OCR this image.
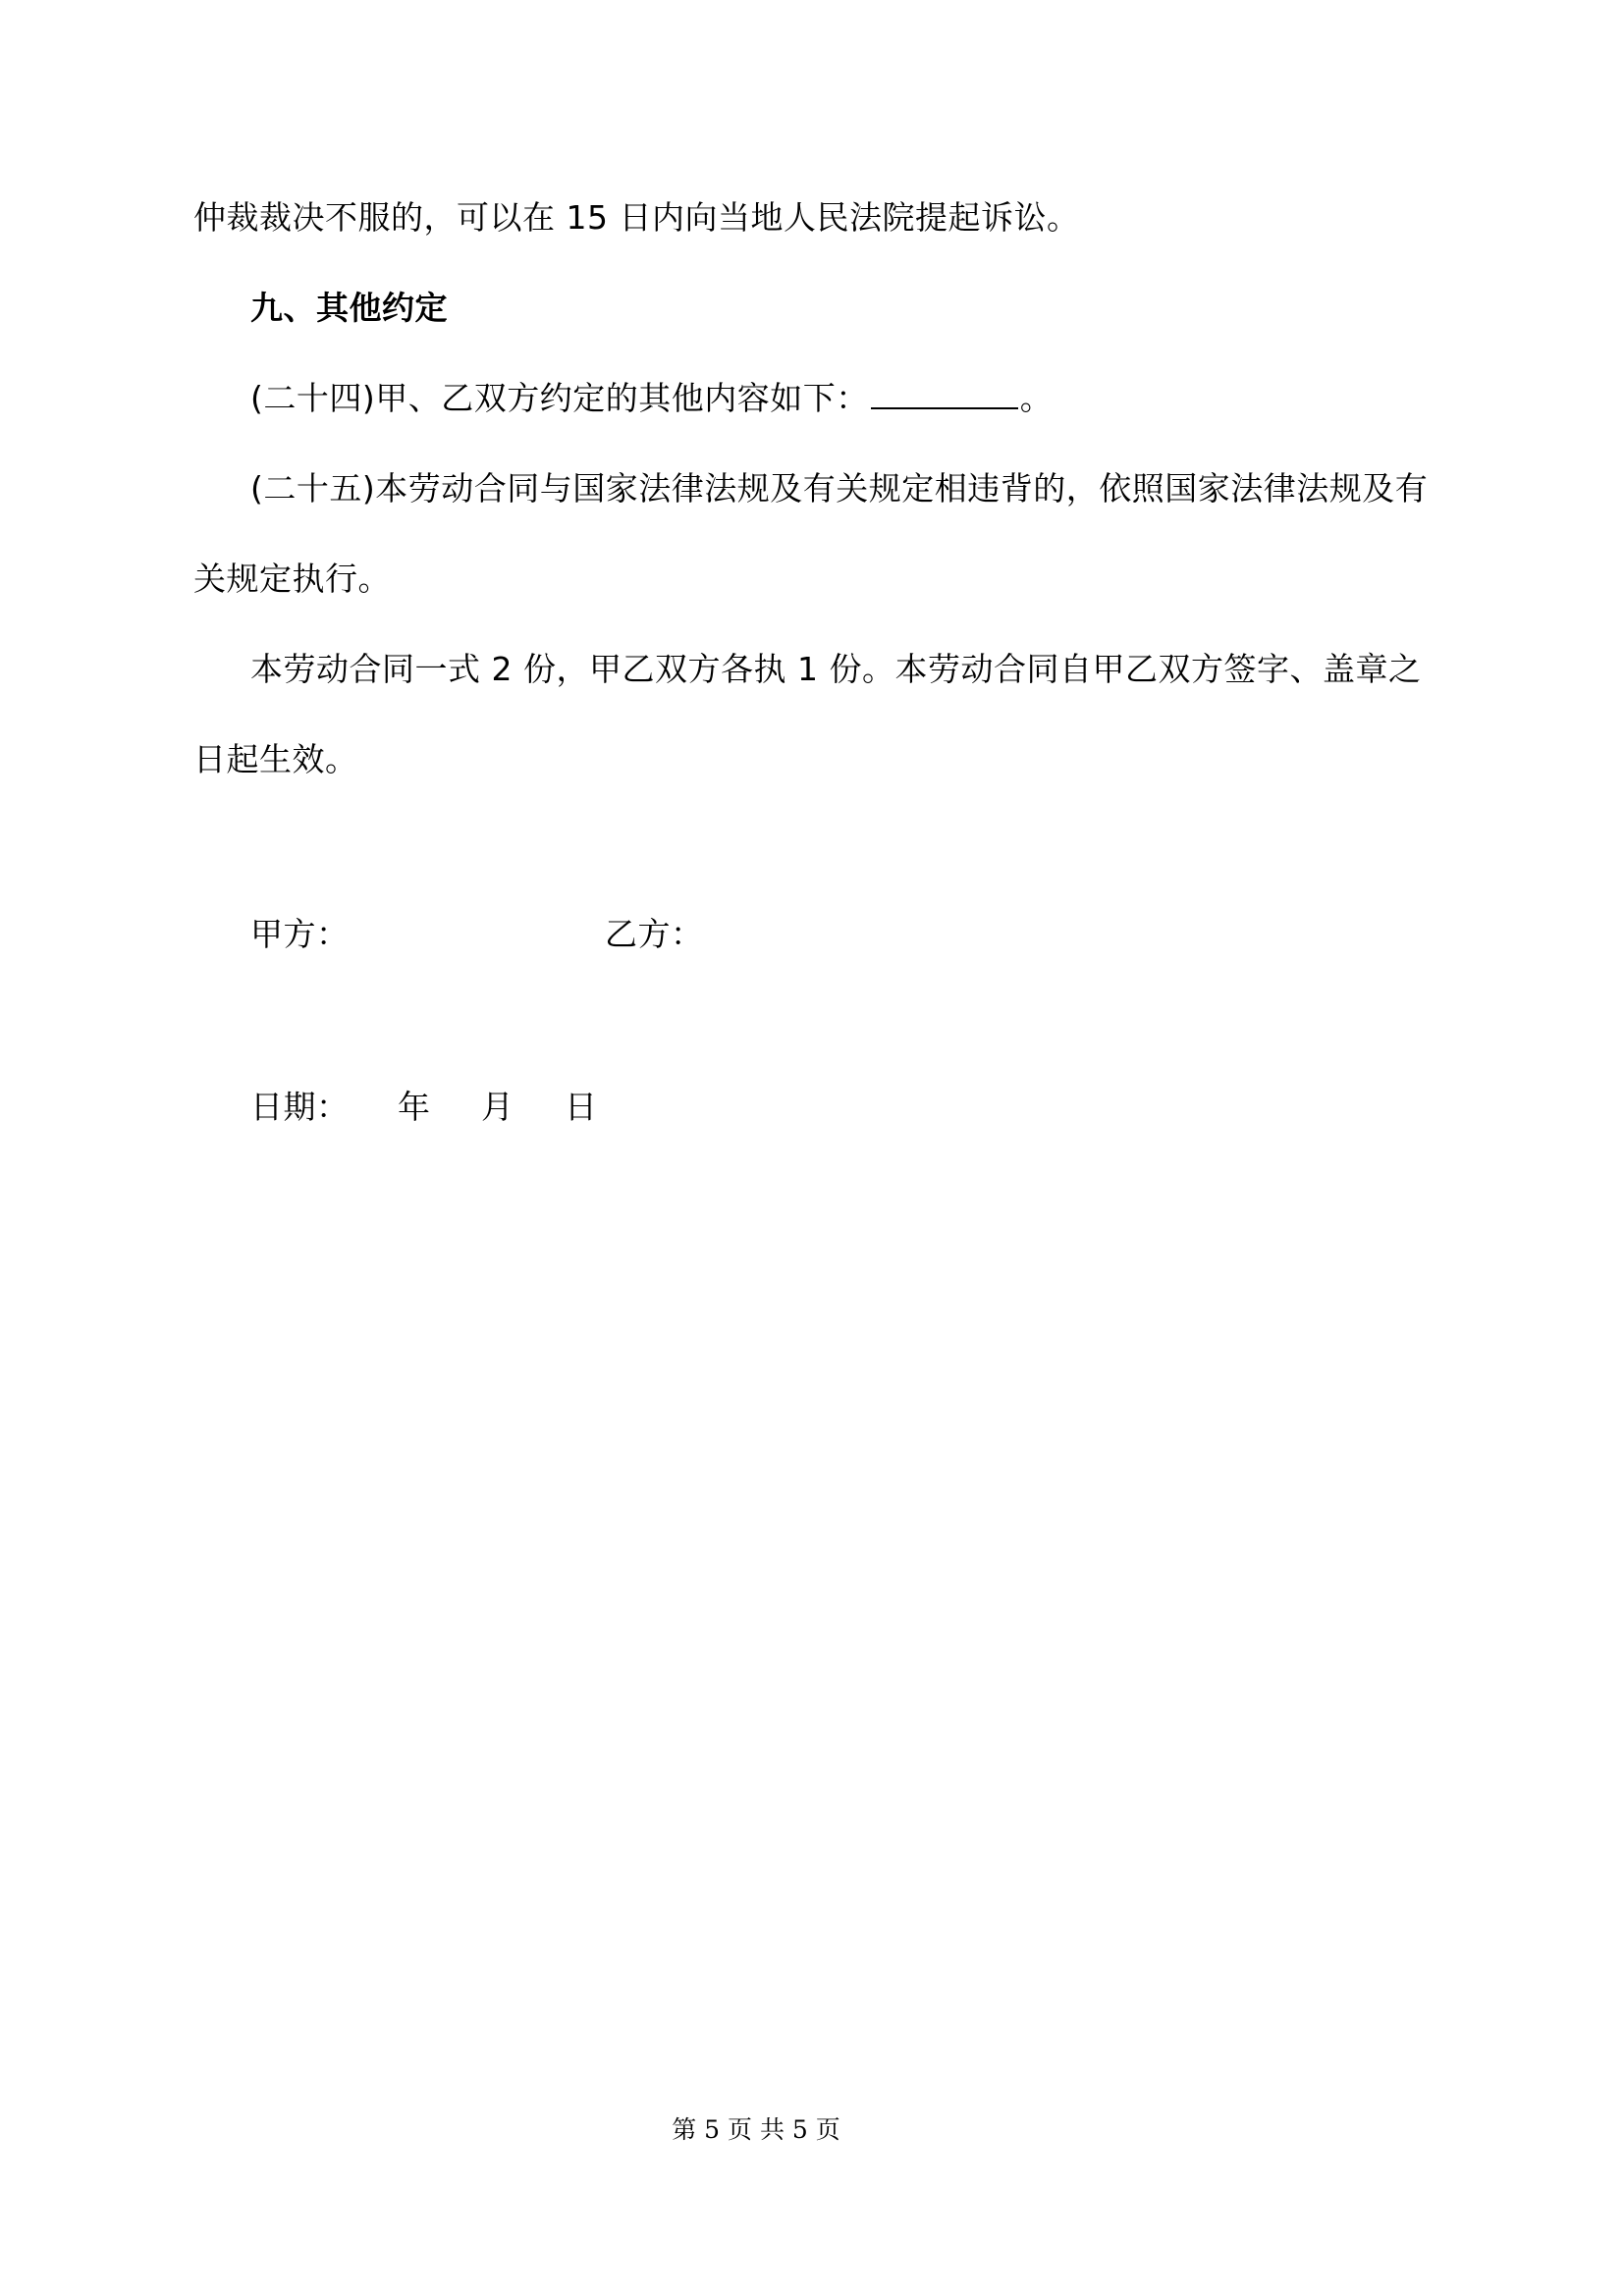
仲裁裁决不服的，可以在 15 日内向当地人民法院提起诉讼。
九、其他约定
(二十四)甲、乙双方约定的其他内容如下：	。
(二十五)本劳动合同与国家法律法规及有关规定相违背的，依照国家法律法规及有
关规定执行。
本劳动合同一式 2 份，甲乙双方各执 1 份。本劳动合同自甲乙双方签字、盖章之
日起生效。
甲方：	乙方：
日期： 年 月 日
第 5 页 共 5 页
